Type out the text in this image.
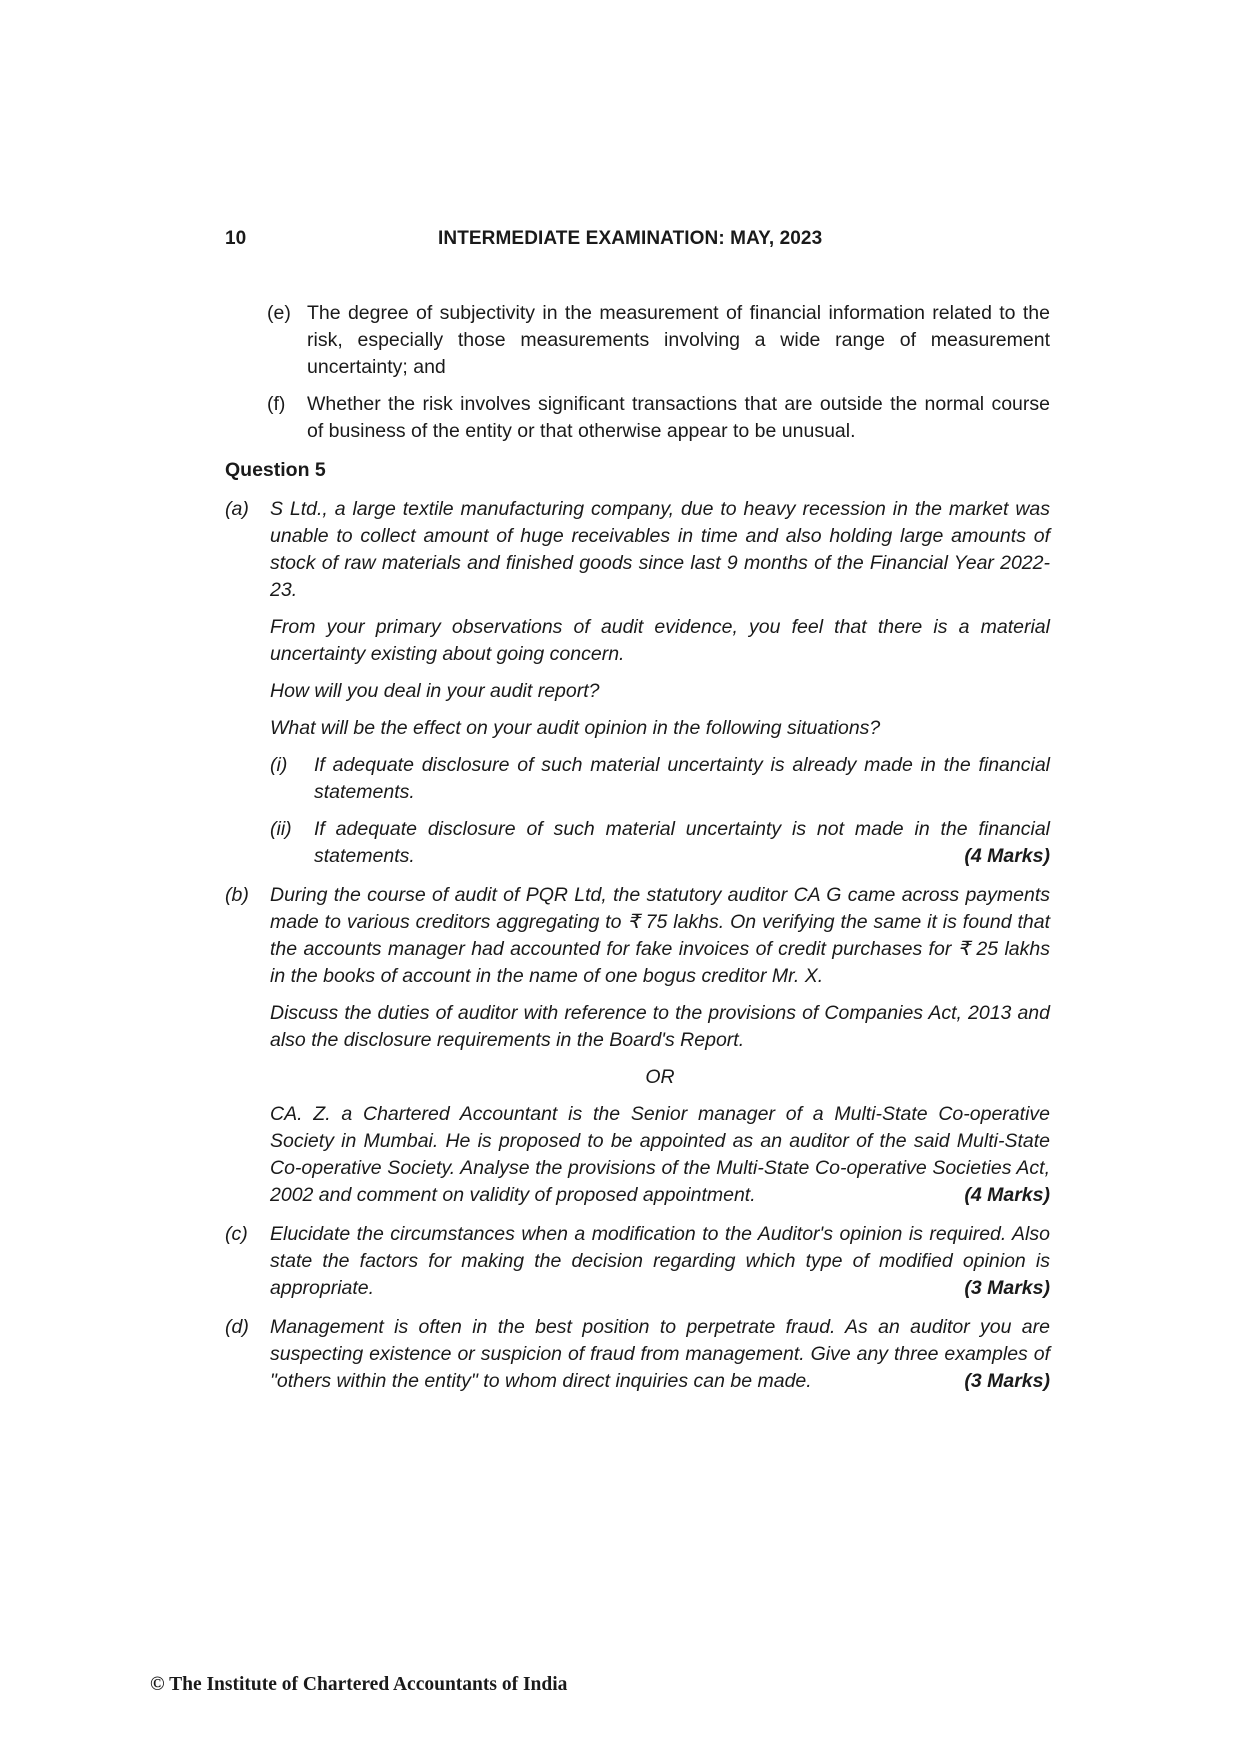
10	INTERMEDIATE EXAMINATION: MAY, 2023
(e) The degree of subjectivity in the measurement of financial information related to the risk, especially those measurements involving a wide range of measurement uncertainty; and
(f)	Whether the risk involves significant transactions that are outside the normal course of business of the entity or that otherwise appear to be unusual.
Question 5
(a)	S Ltd., a large textile manufacturing company, due to heavy recession in the market was unable to collect amount of huge receivables in time and also holding large amounts of stock of raw materials and finished goods since last 9 months of the Financial Year 2022-23.
From your primary observations of audit evidence, you feel that there is a material uncertainty existing about going concern.
How will you deal in your audit report?
What will be the effect on your audit opinion in the following situations?
(i)	If adequate disclosure of such material uncertainty is already made in the financial statements.
(ii)	If adequate disclosure of such material uncertainty is not made in the financial
statements.	(4 Marks)
(b)	During the course of audit of PQR Ltd, the statutory auditor CA G came across payments made to various creditors aggregating to ₹ 75 lakhs. On verifying the same it is found that the accounts manager had accounted for fake invoices of credit purchases for ₹ 25 lakhs in the books of account in the name of one bogus creditor Mr. X.
Discuss the duties of auditor with reference to the provisions of Companies Act, 2013 and also the disclosure requirements in the Board's Report.
OR
CA. Z. a Chartered Accountant is the Senior manager of a Multi-State Co-operative Society in Mumbai. He is proposed to be appointed as an auditor of the said Multi-State Co-operative Society. Analyse the provisions of the Multi-State Co-operative Societies Act,
2002 and comment on validity of proposed appointment.	(4 Marks)
(c)	Elucidate the circumstances when a modification to the Auditor's opinion is required. Also state the factors for making the decision regarding which type of modified opinion is
appropriate.	(3 Marks)
(d)	Management is often in the best position to perpetrate fraud. As an auditor you are suspecting existence or suspicion of fraud from management. Give any three examples of
"others within the entity" to whom direct inquiries can be made.	(3 Marks)
© The Institute of Chartered Accountants of India
